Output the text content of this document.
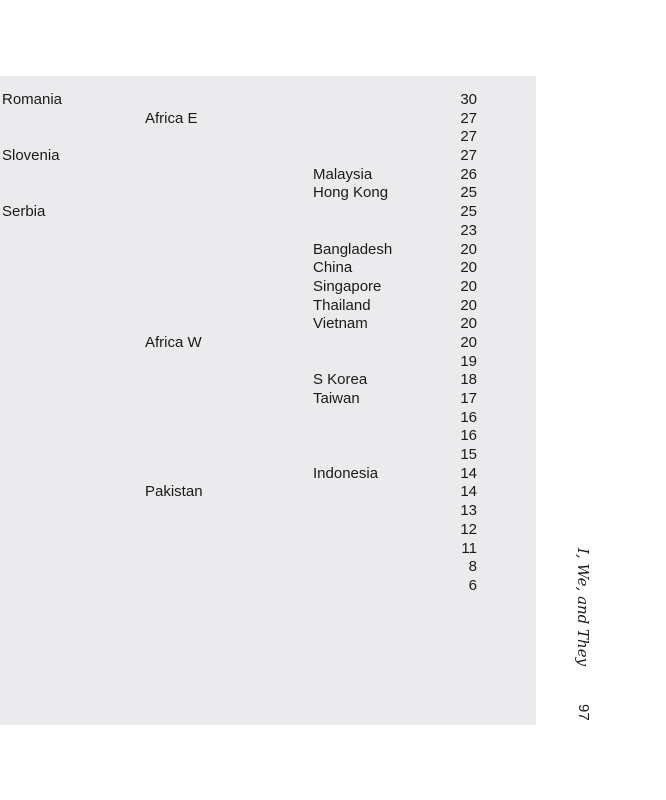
Romania	30
Africa E	27
27
Slovenia	27
Malaysia	26
Hong Kong	25
Serbia	25
23
Bangladesh	20
China	20
Singapore	20
Thailand	20
Vietnam	20
Africa W	20
19
S Korea	18
Taiwan	17
16
16
15
Indonesia	14
Pakistan	14
13
12
11
8
6	I, We, and They
97
